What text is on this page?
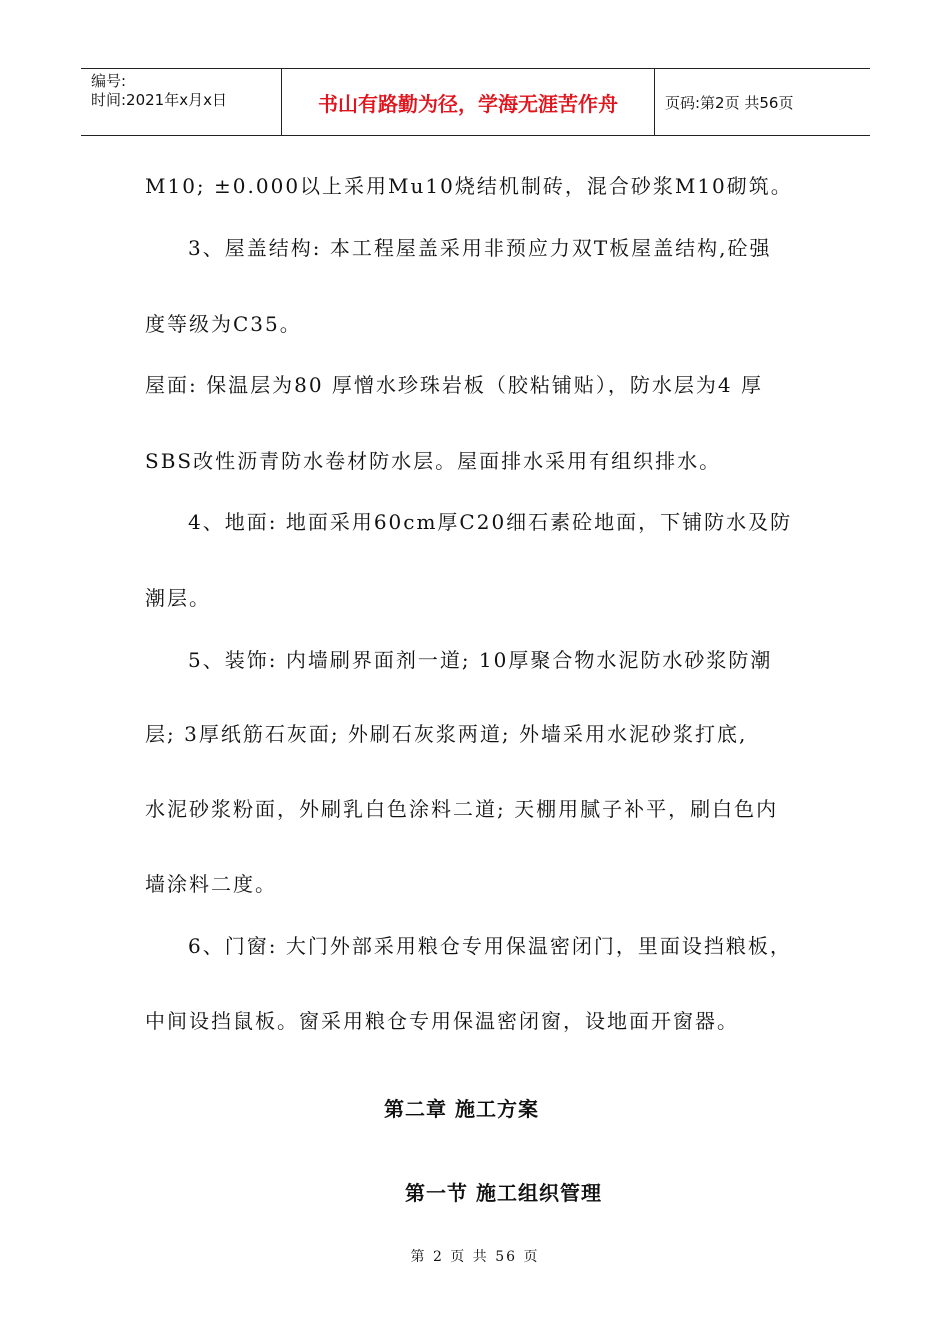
编号:
时间:2021年x月x日	书山有路勤为径，学海无涯苦作舟	页码:第2页 共56页
M10; ±0.000以上采用Mu10烧结机制砖，混合砂浆M10砌筑。
3、屋盖结构: 本工程屋盖采用非预应力双T板屋盖结构,砼强
度等级为C35。
屋面: 保温层为80 厚憎水珍珠岩板（胶粘铺贴），防水层为4 厚
SBS改性沥青防水卷材防水层。屋面排水采用有组织排水。
4、地面: 地面采用60cm厚C20细石素砼地面，下铺防水及防
潮层。
5、装饰: 内墙刷界面剂一道; 10厚聚合物水泥防水砂浆防潮
层; 3厚纸筋石灰面; 外刷石灰浆两道; 外墙采用水泥砂浆打底,
水泥砂浆粉面，外刷乳白色涂料二道; 天棚用腻子补平，刷白色内
墙涂料二度。
6、门窗: 大门外部采用粮仓专用保温密闭门，里面设挡粮板，
中间设挡鼠板。窗采用粮仓专用保温密闭窗，设地面开窗器。
第二章 施工方案
第一节 施工组织管理
第 2 页 共 56 页
